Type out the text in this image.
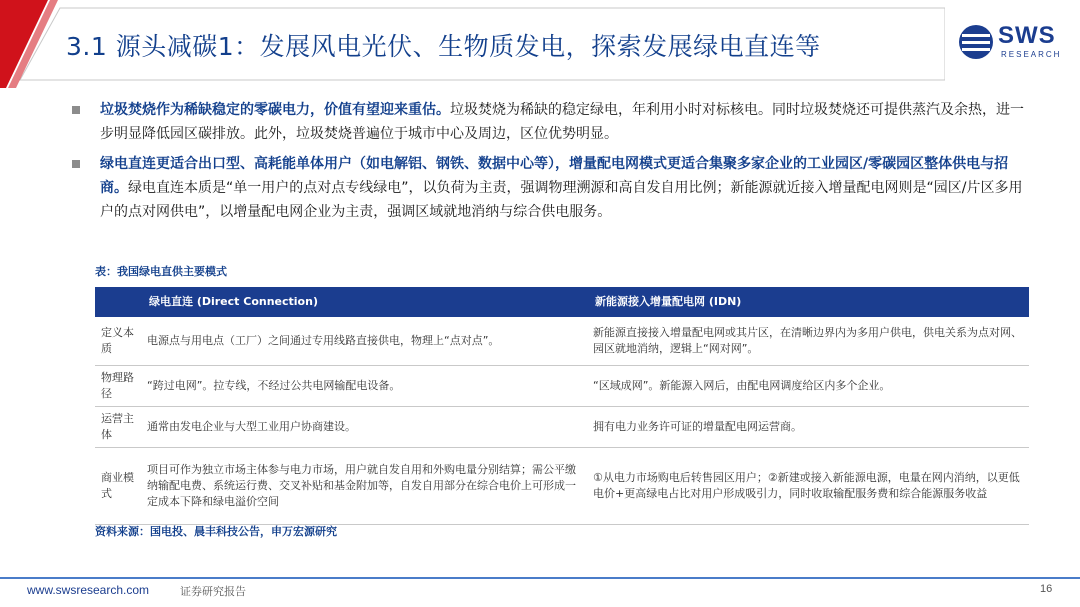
3.1 源头减碳1：发展风电光伏、生物质发电，探索发展绿电直连等	SWS
RESEARCH
垃圾焚烧作为稀缺稳定的零碳电力，价值有望迎来重估。垃圾焚烧为稀缺的稳定绿电，年利用小时对标核电。同时垃圾焚烧还可提供蒸汽及余热，进一步明显降低园区碳排放。此外，垃圾焚烧普遍位于城市中心及周边，区位优势明显。
绿电直连更适合出口型、高耗能单体用户（如电解铝、钢铁、数据中心等），增量配电网模式更适合集聚多家企业的工业园区/零碳园区整体供电与招商。绿电直连本质是“单一用户的点对点专线绿电”，以负荷为主责，强调物理溯源和高自发自用比例；新能源就近接入增量配电网则是“园区/片区多用户的点对网供电”，以增量配电网企业为主责，强调区域就地消纳与综合供电服务。
表：我国绿电直供主要模式
	绿电直连 (Direct Connection)	新能源接入增量配电网 (IDN)
定义本质	电源点与用电点（工厂）之间通过专用线路直接供电，物理上“点对点”。	新能源直接接入增量配电网或其片区，在清晰边界内为多用户供电，供电关系为点对网、园区就地消纳，逻辑上“网对网”。
物理路径	“跨过电网”。拉专线，不经过公共电网输配电设备。	“区域成网”。新能源入网后，由配电网调度给区内多个企业。
运营主体	通常由发电企业与大型工业用户协商建设。	拥有电力业务许可证的增量配电网运营商。
商业模式	项目可作为独立市场主体参与电力市场，用户就自发自用和外购电量分别结算；需公平缴纳输配电费、系统运行费、交叉补贴和基金附加等，自发自用部分在综合电价上可形成一定成本下降和绿电溢价空间	①从电力市场购电后转售园区用户；②新建或接入新能源电源，电量在网内消纳，以更低电价+更高绿电占比对用户形成吸引力，同时收取输配服务费和综合能源服务收益
资料来源：国电投、晨丰科技公告，申万宏源研究
www.swsresearch.com	证券研究报告	16
